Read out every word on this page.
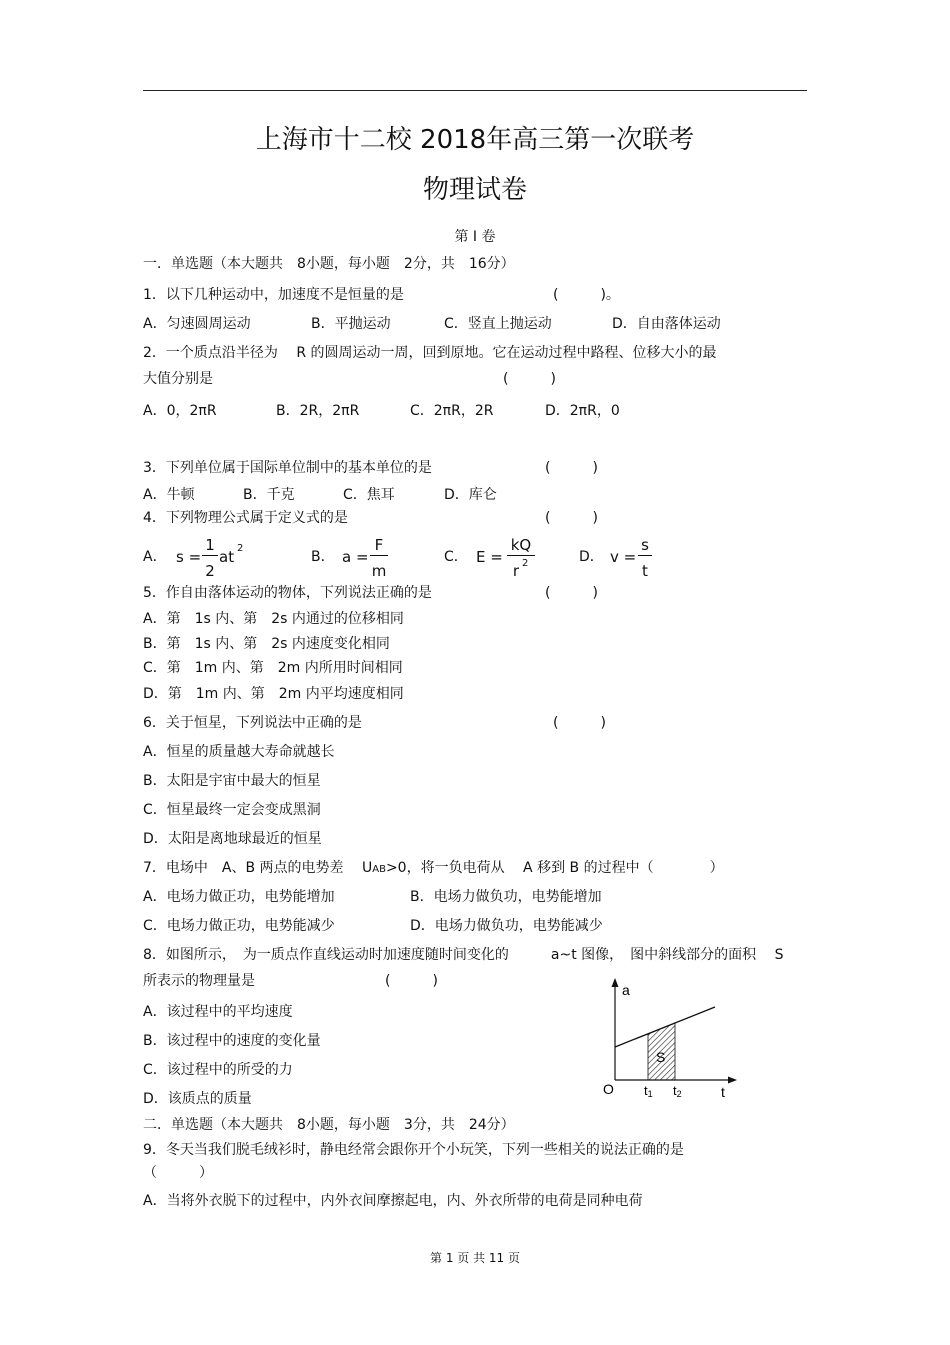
上海市十二校 2018年高三第一次联考
物理试卷
第 I 卷
一．单选题（本大题共　8小题，每小题　2分，共　16分）
1．以下几种运动中，加速度不是恒量的是	(　　　)。
A．匀速圆周运动	B．平抛运动	C．竖直上抛运动	D．自由落体运动
2．一个质点沿半径为　 R 的圆周运动一周，回到原地。它在运动过程中路程、位移大小的最
大值分别是	(　　　)
A．0，2πR	B．2R，2πR	C．2πR，2R	D．2πR，0
3．下列单位属于国际单位制中的基本单位的是	(　　　)
A．牛顿	B．千克	C．焦耳	D．库仑
4．下列物理公式属于定义式的是	(　　　)
A． s =
1
2
at 2
B． a =
F
m
C． E =
kQ
r 2	D． v =
s
t
5．作自由落体运动的物体，下列说法正确的是	(　　　)
A．第　1s 内、第　2s 内通过的位移相同
B．第　1s 内、第　2s 内速度变化相同
C．第　1m 内、第　2m 内所用时间相同
D．第　1m 内、第　2m 内平均速度相同
6．关于恒星，下列说法中正确的是	(　　　)
A．恒星的质量越大寿命就越长
B．太阳是宇宙中最大的恒星
C．恒星最终一定会变成黑洞
D．太阳是离地球最近的恒星
7．电场中　A、B 两点的电势差　 UAB>0，将一负电荷从　 A 移到 B 的过程中（　　　　）
A．电场力做正功，电势能增加	B．电场力做负功，电势能增加
C．电场力做正功，电势能减少	D．电场力做负功，电势能减少
8．如图所示，　为一质点作直线运动时加速度随时间变化的　　　a~t 图像，　图中斜线部分的面积　 S
所表示的物理量是	(　　　)
A．该过程中的平均速度
B．该过程中的速度的变化量
C．该过程中的所受的力
D．该质点的质量
a
t
O t1 t2
S
二．单选题（本大题共　8小题，每小题　3分，共　24分）
9．冬天当我们脱毛绒衫时，静电经常会跟你开个小玩笑，下列一些相关的说法正确的是
（　　　）
A．当将外衣脱下的过程中，内外衣间摩擦起电，内、外衣所带的电荷是同种电荷
第 1 页 共 11 页
